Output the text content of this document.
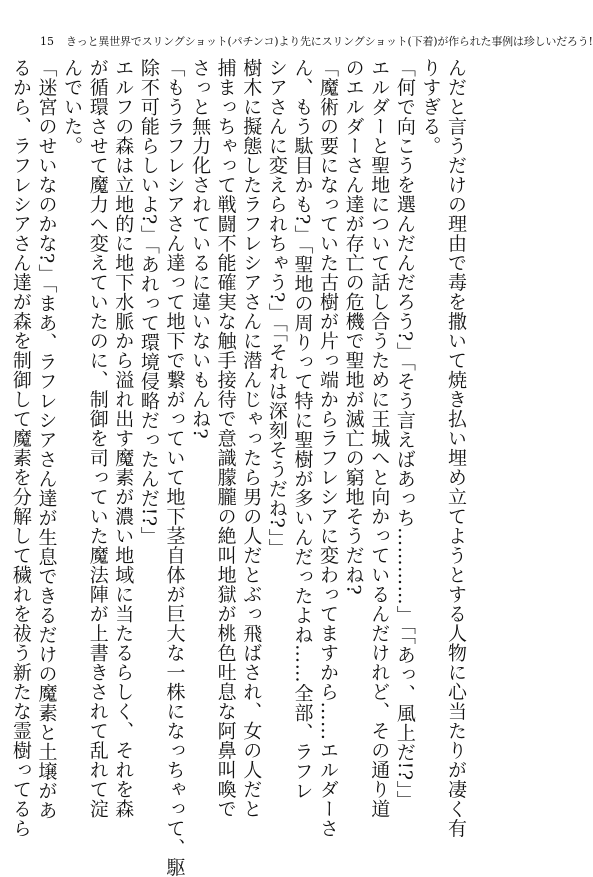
15 きっと異世界でスリングショット(パチンコ)より先にスリングショット(下着)が作られた事例は珍しいだろう!
んだと言うだけの理由で毒を撒いて焼き払い埋め立てようとする人物に心当たりが凄く有
りすぎる。
「何で向こうを選んだんだろう?」「そう言えばあっち…………」「「あっ、風上だ!?」」
エルダーと聖地について話し合うために王城へと向かっているんだけれど、その通り道
のエルダーさん達が存亡の危機で聖地が滅亡の窮地そうだね?
「魔術の要になっていた古樹が片っ端からラフレシアに変わってますから……エルダーさ
ん、もう駄目かも?」「聖地の周りって特に聖樹が多いんだったよね……全部、ラフレ
シアさんに変えられちゃう?」「「それは深刻そうだね?」」
樹木に擬態したラフレシアさんに潜んじゃったら男の人だとぶっ飛ばされ、女の人だと
捕まっちゃって戦闘不能確実な触手接待で意識朦朧の絶叫地獄が桃色吐息な阿鼻叫喚で
さっと無力化されているに違いないもんね?
「もうラフレシアさん達って地下で繋がっていて地下茎自体が巨大な一株になっちゃって、駆
除不可能らしいよ?」「あれって環境侵略だったんだ!?」
エルフの森は立地的に地下水脈から溢れ出す魔素が濃い地域に当たるらしく、それを森
が循環させて魔力へ変えていたのに、制御を司っていた魔法陣が上書きされて乱れて淀
んでいた。
「迷宮のせいなのかな?」「まあ、ラフレシアさん達が生息できるだけの魔素と土壌があ
るから、ラフレシアさん達が森を制御して魔素を分解して穢れを祓う新たな霊樹ってるら
